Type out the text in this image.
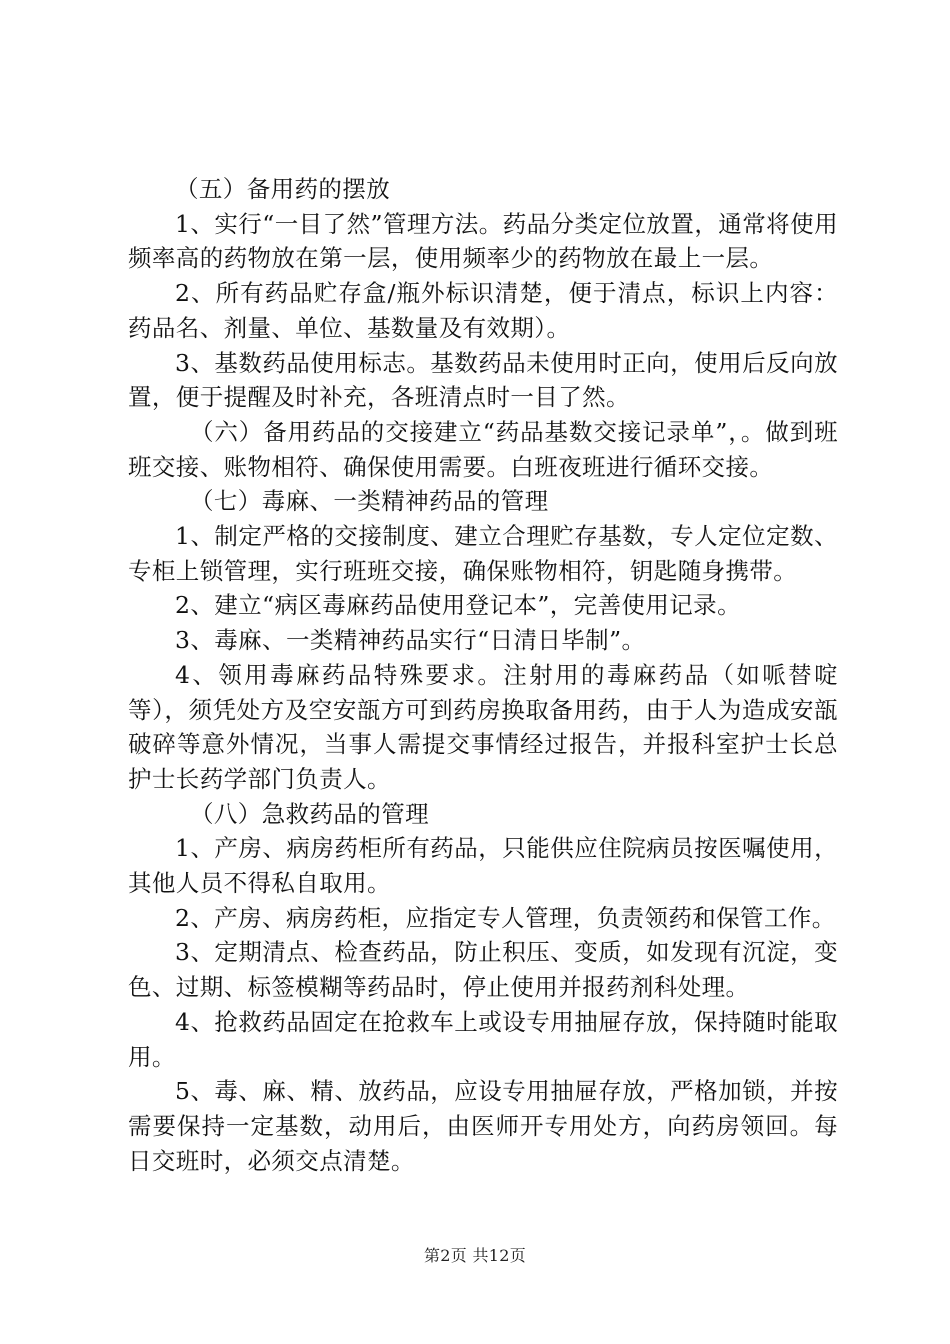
（五）备用药的摆放

1、实行“一目了然”管理方法。药品分类定位放置，通常将使用频率高的药物放在第一层，使用频率少的药物放在最上一层。

2、所有药品贮存盒/瓶外标识清楚，便于清点，标识上内容：药品名、剂量、单位、基数量及有效期）。

3、基数药品使用标志。基数药品未使用时正向，使用后反向放置，便于提醒及时补充，各班清点时一目了然。

（六）备用药品的交接建立“药品基数交接记录单”，。做到班班交接、账物相符、确保使用需要。白班夜班进行循环交接。

（七）毒麻、一类精神药品的管理

1、制定严格的交接制度、建立合理贮存基数，专人定位定数、专柜上锁管理，实行班班交接，确保账物相符，钥匙随身携带。

2、建立“病区毒麻药品使用登记本”，完善使用记录。

3、毒麻、一类精神药品实行“日清日毕制”。

4、领用毒麻药品特殊要求。注射用的毒麻药品（如哌替啶等），须凭处方及空安瓿方可到药房换取备用药，由于人为造成安瓿破碎等意外情况，当事人需提交事情经过报告，并报科室护士长总护士长药学部门负责人。

（八）急救药品的管理

1、产房、病房药柜所有药品，只能供应住院病员按医嘱使用，其他人员不得私自取用。

2、产房、病房药柜，应指定专人管理，负责领药和保管工作。

3、定期清点、检查药品，防止积压、变质，如发现有沉淀，变色、过期、标签模糊等药品时，停止使用并报药剂科处理。

4、抢救药品固定在抢救车上或设专用抽屉存放，保持随时能取用。

5、毒、麻、精、放药品，应设专用抽屉存放，严格加锁，并按需要保持一定基数，动用后，由医师开专用处方，向药房领回。每日交班时，必须交点清楚。

第2页 共12页
